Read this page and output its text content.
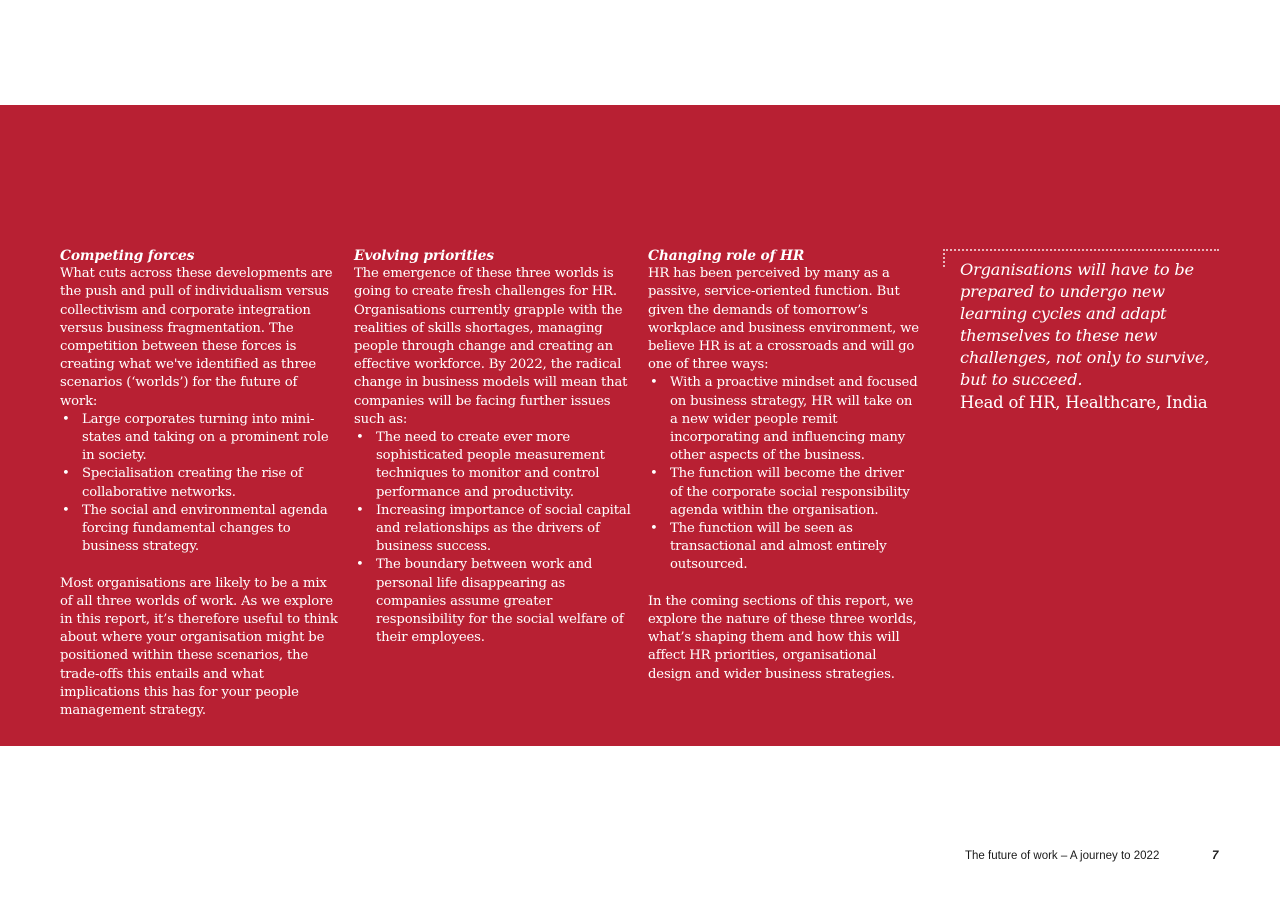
Competing forces

What cuts across these developments are the push and pull of individualism versus collectivism and corporate integration versus business fragmentation. The competition between these forces is creating what we've identified as three scenarios (‘worlds’) for the future of work:

• Large corporates turning into mini-states and taking on a prominent role in society.
• Specialisation creating the rise of collaborative networks.
• The social and environmental agenda forcing fundamental changes to business strategy.

Most organisations are likely to be a mix of all three worlds of work. As we explore in this report, it’s therefore useful to think about where your organisation might be positioned within these scenarios, the trade-offs this entails and what implications this has for your people management strategy.

Evolving priorities

The emergence of these three worlds is going to create fresh challenges for HR. Organisations currently grapple with the realities of skills shortages, managing people through change and creating an effective workforce. By 2022, the radical change in business models will mean that companies will be facing further issues such as:

• The need to create ever more sophisticated people measurement techniques to monitor and control performance and productivity.
• Increasing importance of social capital and relationships as the drivers of business success.
• The boundary between work and personal life disappearing as companies assume greater responsibility for the social welfare of their employees.
Changing role of HR

HR has been perceived by many as a passive, service-oriented function. But given the demands of tomorrow’s workplace and business environment, we believe HR is at a crossroads and will go one of three ways:

• With a proactive mindset and focused on business strategy, HR will take on a new wider people remit incorporating and influencing many other aspects of the business.
• The function will become the driver of the corporate social responsibility agenda within the organisation.
• The function will be seen as transactional and almost entirely outsourced.

In the coming sections of this report, we explore the nature of these three worlds, what’s shaping them and how this will affect HR priorities, organisational design and wider business strategies.

Organisations will have to be prepared to undergo new learning cycles and adapt themselves to these new challenges, not only to survive, but to succeed.
Head of HR, Healthcare, India
The future of work – A journey to 2022	7
